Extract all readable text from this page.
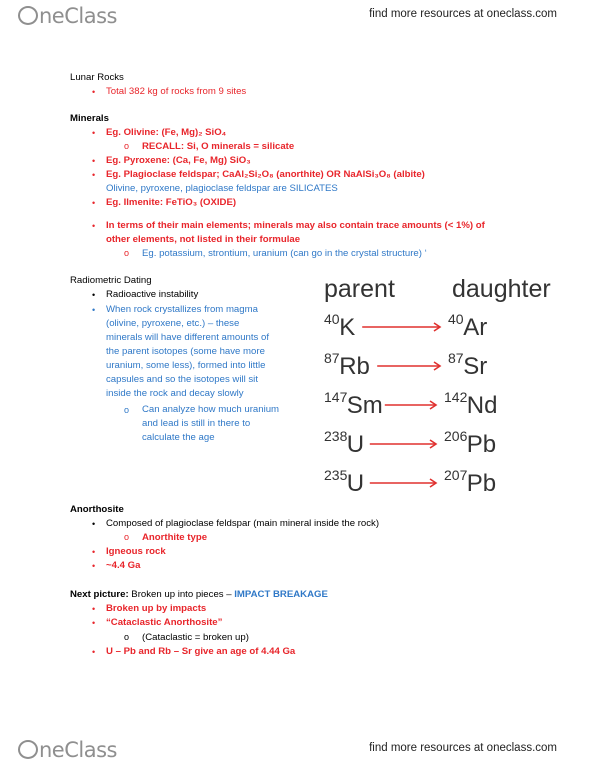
neClass	find more resources at oneclass.com
Lunar Rocks
• Total 382 kg of rocks from 9 sites
Minerals
• Eg. Olivine: (Fe, Mg)₂ SiO₄
o RECALL: Si, O minerals = silicate
• Eg. Pyroxene: (Ca, Fe, Mg) SiO₃
• Eg. Plagioclase feldspar; CaAl₂Si₂O₈ (anorthite) OR NaAlSi₃O₈ (albite)
Olivine, pyroxene, plagioclase feldspar are SILICATES
• Eg. Ilmenite: FeTiO₃ (OXIDE)
• In terms of their main elements; minerals may also contain trace amounts (< 1%) of
other elements, not listed in their formulae
o Eg. potassium, strontium, uranium (can go in the crystal structure) ‘
Radiometric Dating
• Radioactive instability
• When rock crystallizes from magma
(olivine, pyroxene, etc.) – these
minerals will have different amounts of
the parent isotopes (some have more
uranium, some less), formed into little
capsules and so the isotopes will sit
inside the rock and decay slowly
o Can analyze how much uranium
and lead is still in there to
calculate the age
parent daughter
40 K	40 Ar
87 Rb	87 Sr
147 Sm	142 Nd
238 U	206 Pb
235 U	207 Pb
Anorthosite
• Composed of plagioclase feldspar (main mineral inside the rock)
o Anorthite type
• Igneous rock
• ~4.4 Ga
Next picture: Broken up into pieces – IMPACT BREAKAGE
• Broken up by impacts
• “Cataclastic Anorthosite”
o (Cataclastic = broken up)
• U – Pb and Rb – Sr give an age of 4.44 Ga
neClass	find more resources at oneclass.com
